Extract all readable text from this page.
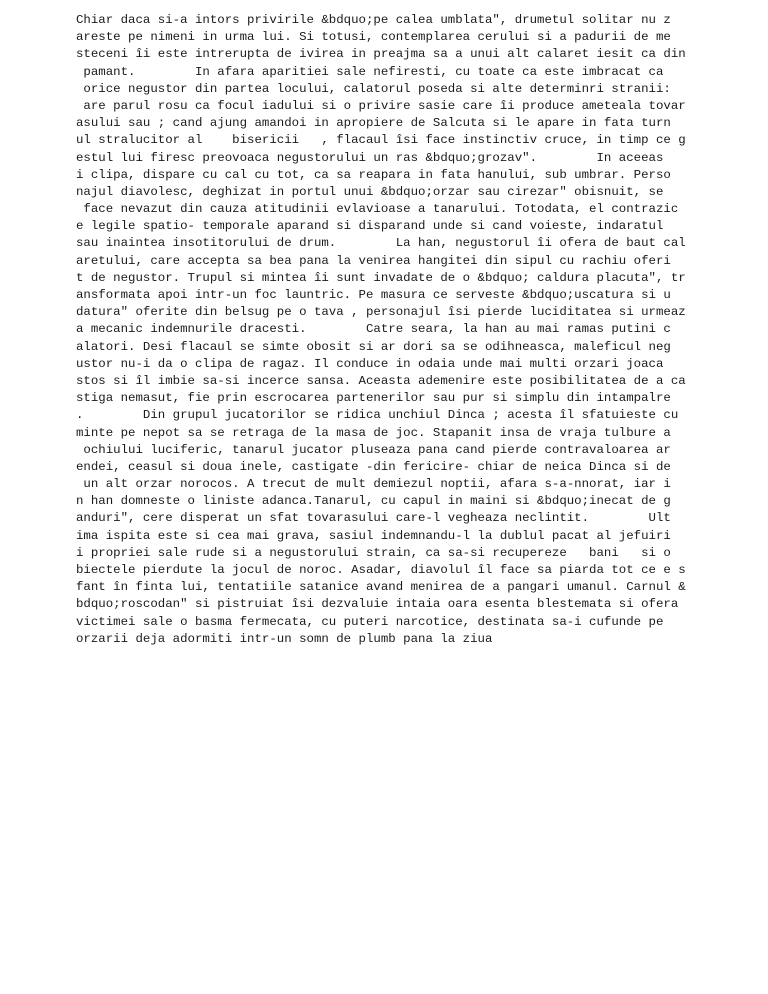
Chiar daca si-a intors privirile &bdquo;pe calea umblata", drumetul solitar nu z
areste pe nimeni in urma lui. Si totusi, contemplarea cerului si a padurii de me
steceni îi este intrerupta de ivirea in preajma sa a unui alt calaret iesit ca din
pamant.        In afara aparitiei sale nefiresti, cu toate ca este imbracat ca
orice negustor din partea locului, calatorul poseda si alte determinri stranii:
are parul rosu ca focul iadului si o privire sasie care îi produce ameteala tovar
asului sau ; cand ajung amandoi in apropiere de Salcuta si le apare in fata turn
ul stralucitor al    bisericii   , flacaul îsi face instinctiv cruce, in timp ce g
estul lui firesc preovoaca negustorului un ras &bdquo;grozav".        In aceeas
i clipa, dispare cu cal cu tot, ca sa reapara in fata hanului, sub umbrar. Perso
najul diavolesc, deghizat in portul unui &bdquo;orzar sau cirezar" obisnuit, se
face nevazut din cauza atitudinii evlavioase a tanarului. Totodata, el contrazic
e legile spatio- temporale aparand si disparand unde si cand voieste, indaratul
sau inaintea insotitorului de drum.        La han, negustorul îi ofera de baut cal
aretului, care accepta sa bea pana la venirea hangitei din sipul cu rachiu oferi
t de negustor. Trupul si mintea îi sunt invadate de o &bdquo; caldura placuta", tr
ansformata apoi intr-un foc launtric. Pe masura ce serveste &bdquo;uscatura si u
datura" oferite din belsug pe o tava , personajul îsi pierde luciditatea si urmeaz
a mecanic indemnurile dracesti.        Catre seara, la han au mai ramas putini c
alatori. Desi flacaul se simte obosit si ar dori sa se odihneasca, maleficul neg
ustor nu-i da o clipa de ragaz. Il conduce in odaia unde mai multi orzari joaca
stos si îl imbie sa-si incerce sansa. Aceasta ademenire este posibilitatea de a ca
stiga nemasut, fie prin escrocarea partenerilor sau pur si simplu din intampalre
.        Din grupul jucatorilor se ridica unchiul Dinca ; acesta îl sfatuieste cu
minte pe nepot sa se retraga de la masa de joc. Stapanit insa de vraja tulbure a
ochiului luciferic, tanarul jucator pluseaza pana cand pierde contravaloarea ar
endei, ceasul si doua inele, castigate -din fericire- chiar de neica Dinca si de
un alt orzar norocos. A trecut de mult demiezul noptii, afara s-a-nnorat, iar i
n han domneste o liniste adanca.Tanarul, cu capul in maini si &bdquo;inecat de g
anduri", cere disperat un sfat tovarasului care-l vegheaza neclintit.        Ult
ima ispita este si cea mai grava, sasiul indemnandu-l la dublul pacat al jefuiri
i propriei sale rude si a negustorului strain, ca sa-si recupereze   bani   si o
biectele pierdute la jocul de noroc. Asadar, diavolul îl face sa piarda tot ce e s
fant în finta lui, tentatiile satanice avand menirea de a pangari umanul. Carnul &
bdquo;roscodan" si pistruiat îsi dezvaluie intaia oara esenta blestemata si ofera
victimei sale o basma fermecata, cu puteri narcotice, destinata sa-i cufunde pe
orzarii deja adormiti intr-un somn de plumb pana la ziua
